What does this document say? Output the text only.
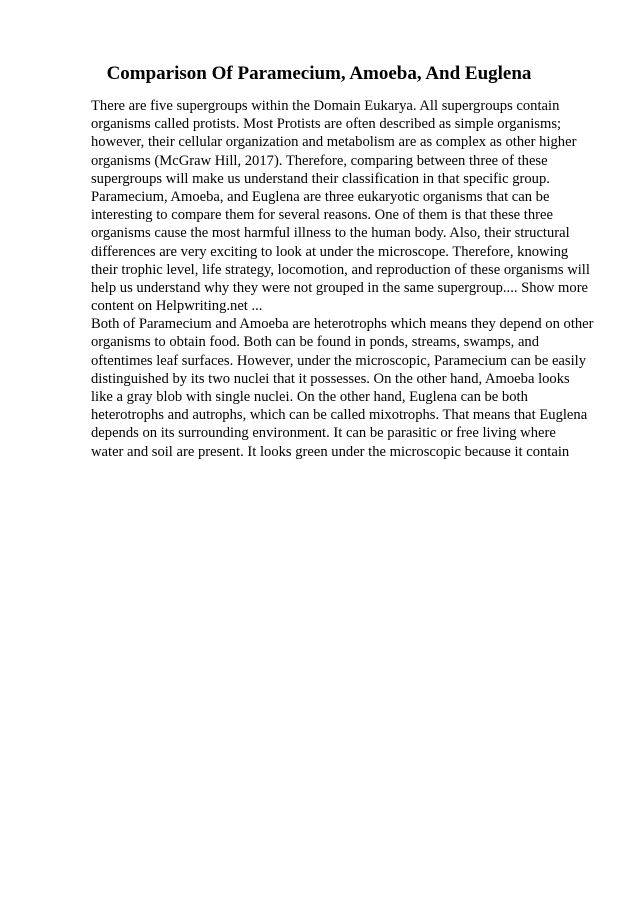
Comparison Of Paramecium, Amoeba, And Euglena
There are five supergroups within the Domain Eukarya. All supergroups contain
organisms called protists. Most Protists are often described as simple organisms;
however, their cellular organization and metabolism are as complex as other higher
organisms (McGraw Hill, 2017). Therefore, comparing between three of these
supergroups will make us understand their classification in that specific group.
Paramecium, Amoeba, and Euglena are three eukaryotic organisms that can be
interesting to compare them for several reasons. One of them is that these three
organisms cause the most harmful illness to the human body. Also, their structural
differences are very exciting to look at under the microscope. Therefore, knowing
their trophic level, life strategy, locomotion, and reproduction of these organisms will
help us understand why they were not grouped in the same supergroup.... Show more
content on Helpwriting.net ...
Both of Paramecium and Amoeba are heterotrophs which means they depend on other
organisms to obtain food. Both can be found in ponds, streams, swamps, and
oftentimes leaf surfaces. However, under the microscopic, Paramecium can be easily
distinguished by its two nuclei that it possesses. On the other hand, Amoeba looks
like a gray blob with single nuclei. On the other hand, Euglena can be both
heterotrophs and autrophs, which can be called mixotrophs. That means that Euglena
depends on its surrounding environment. It can be parasitic or free living where
water and soil are present. It looks green under the microscopic because it contain
